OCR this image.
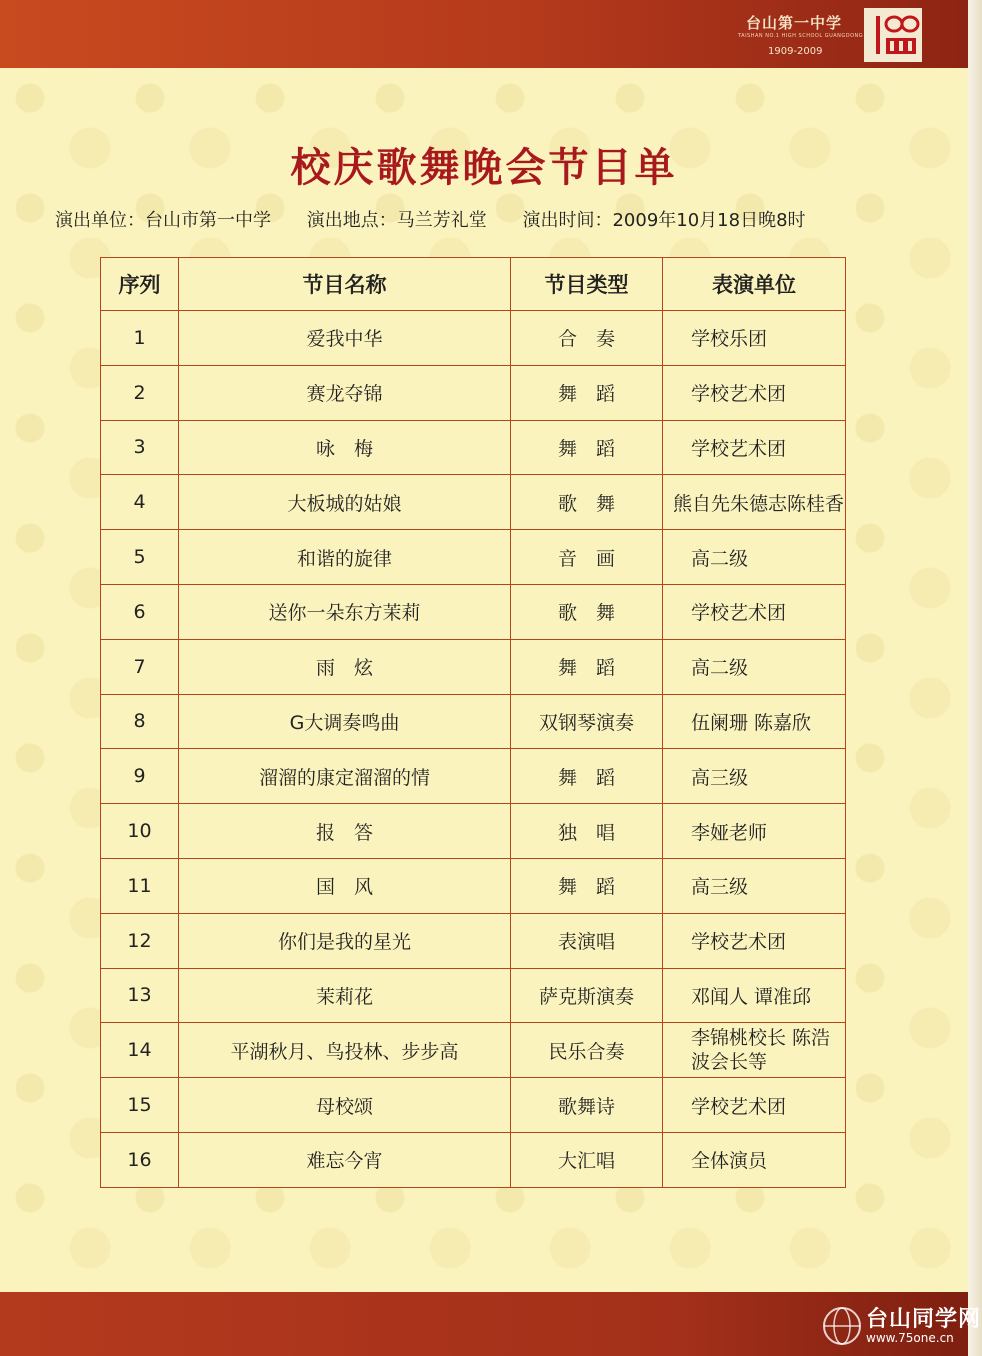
台山第一中学
TAISHAN NO.1 HIGH SCHOOL GUANGDONG
1909-2009
校庆歌舞晚会节目单
演出单位：台山市第一中学 演出地点：马兰芳礼堂 演出时间：2009年10月18日晚8时
序列	节目名称	节目类型	表演单位
1	爱我中华	合　奏	学校乐团
2	赛龙夺锦	舞　蹈	学校艺术团
3	咏　梅	舞　蹈	学校艺术团
4	大板城的姑娘	歌　舞	熊自先朱德志陈桂香
5	和谐的旋律	音　画	高二级
6	送你一朵东方茉莉	歌　舞	学校艺术团
7	雨　炫	舞　蹈	高二级
8	G大调奏鸣曲	双钢琴演奏	伍阑珊 陈嘉欣
9	溜溜的康定溜溜的情	舞　蹈	高三级
10	报　答	独　唱	李娅老师
11	国　风	舞　蹈	高三级
12	你们是我的星光	表演唱	学校艺术团
13	茉莉花	萨克斯演奏	邓闻人 谭准邱
14	平湖秋月、鸟投林、步步高	民乐合奏	李锦桃校长 陈浩波会长等
15	母校颂	歌舞诗	学校艺术团
16	难忘今宵	大汇唱	全体演员
台山同学网
www.75one.cn
